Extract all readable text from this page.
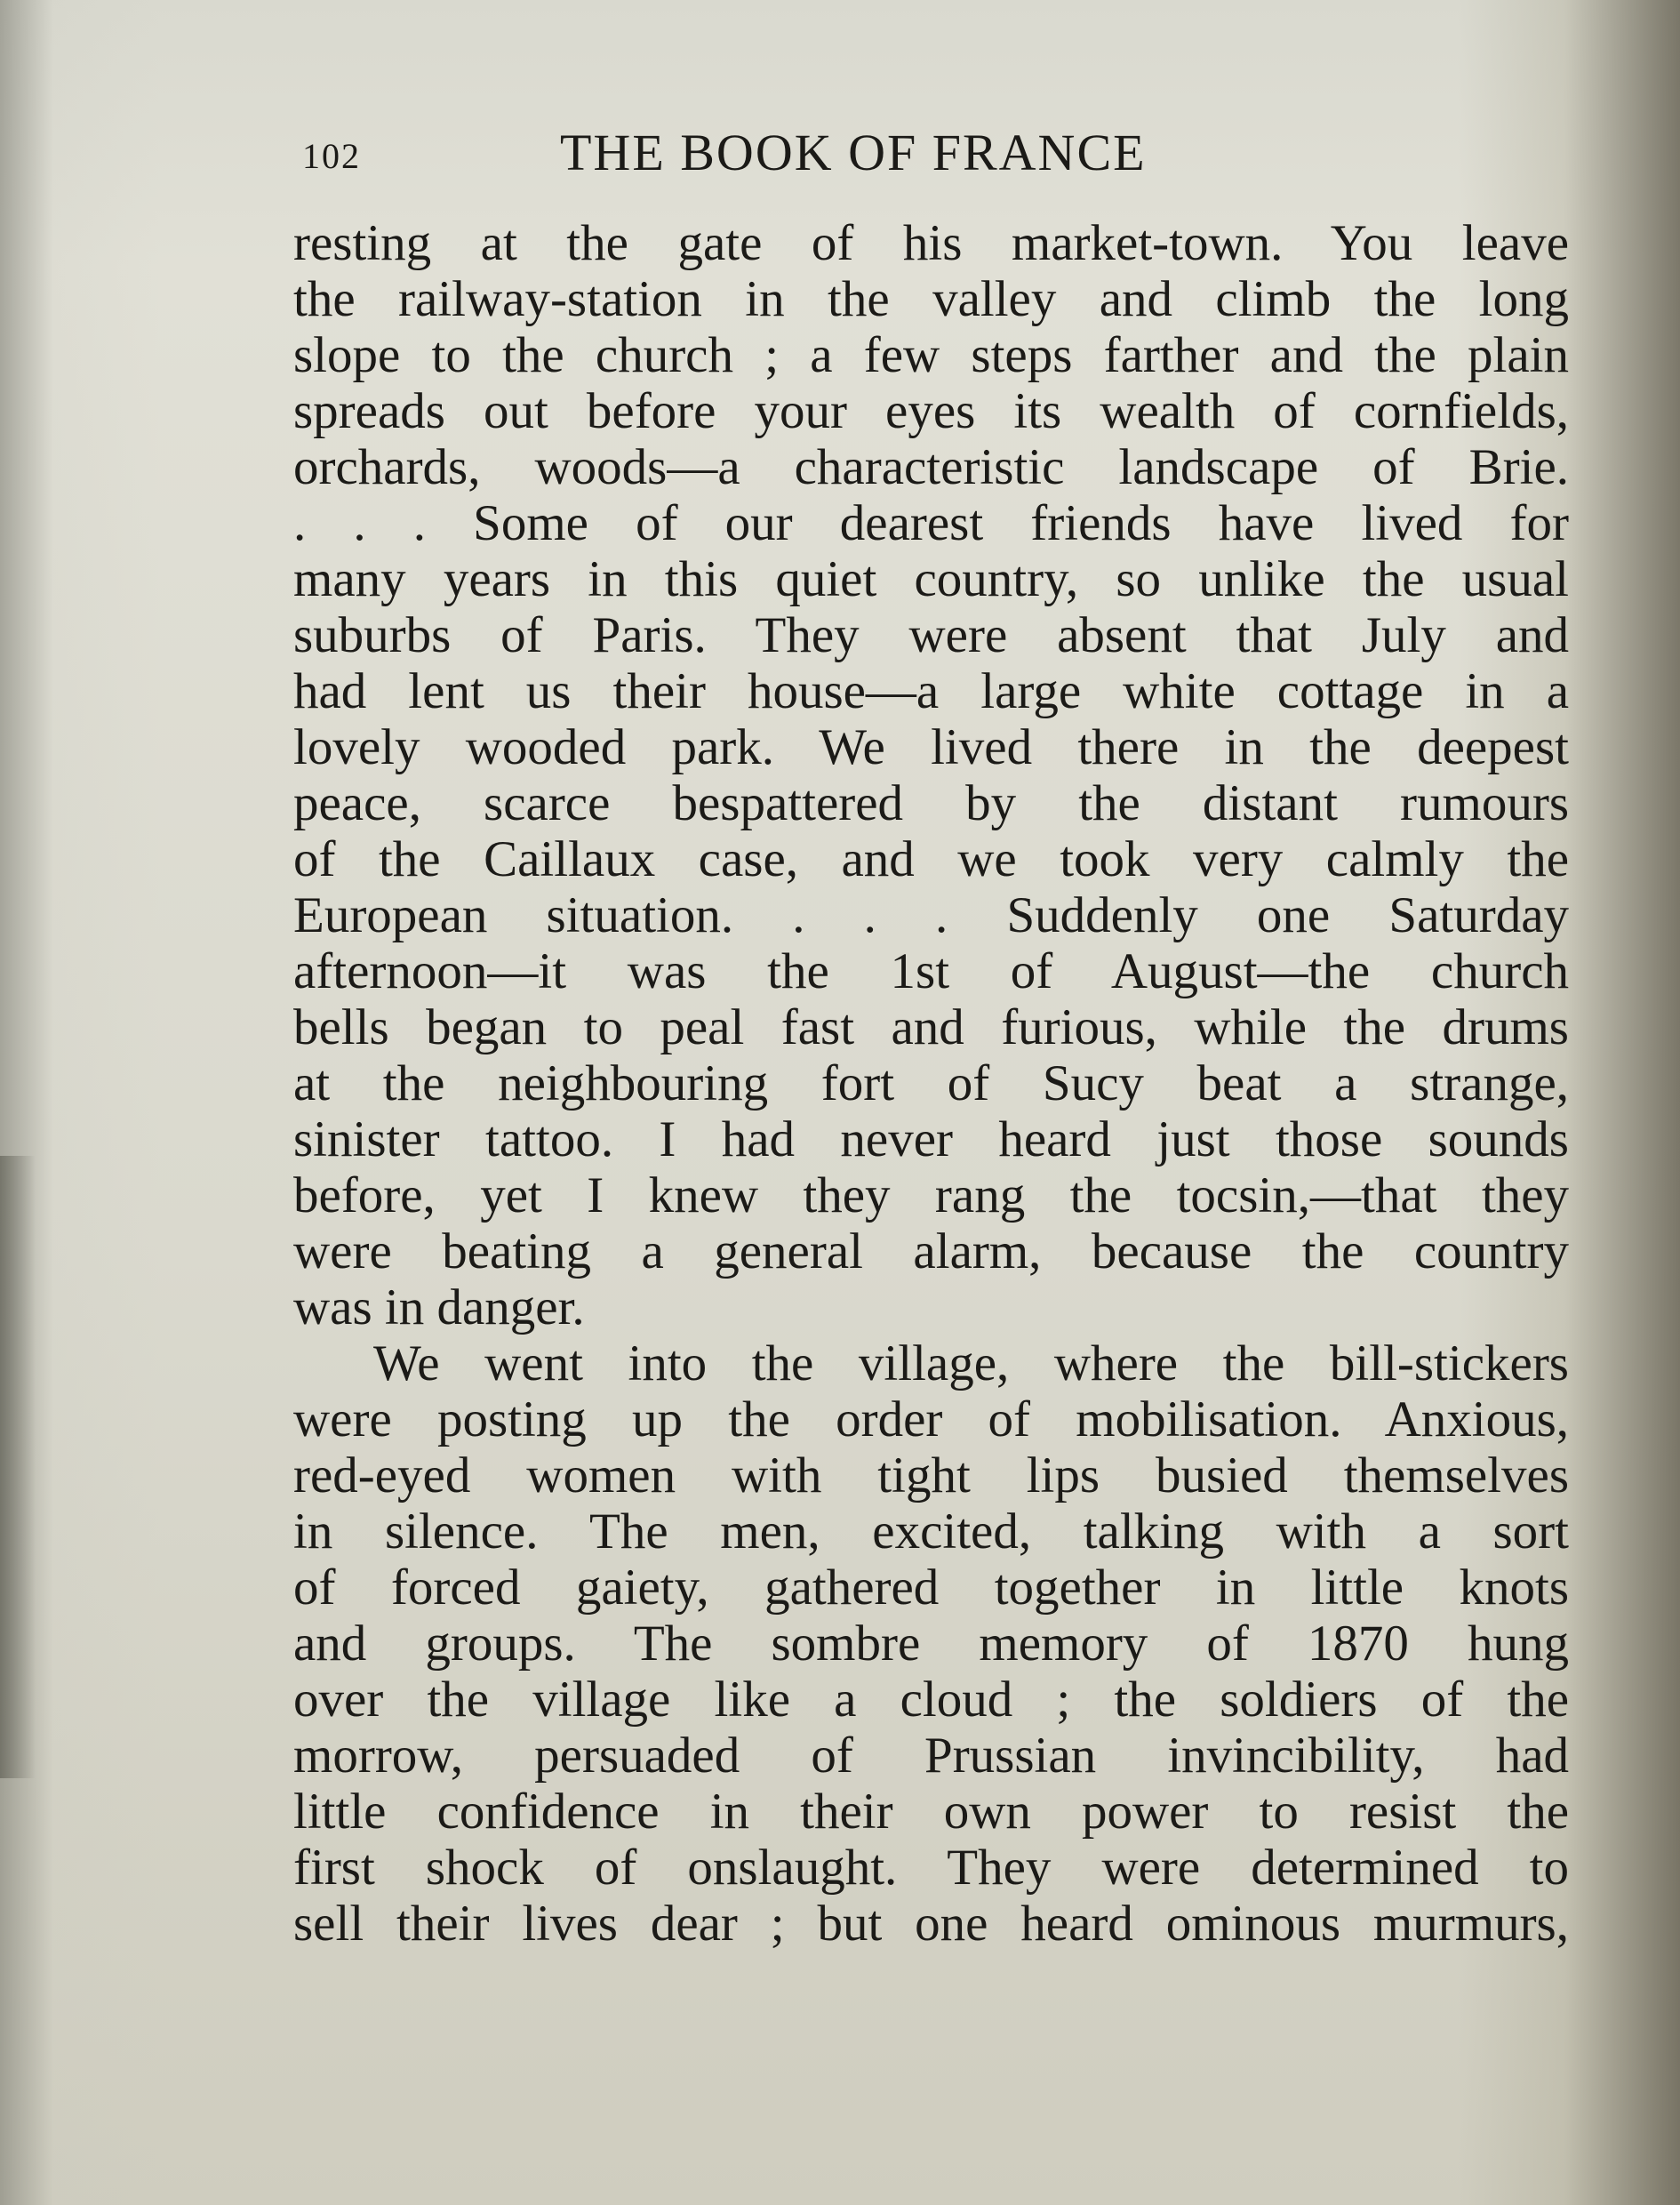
102	THE BOOK OF FRANCE
resting at the gate of his market-town. You leave
the railway-station in the valley and climb the long
slope to the church ; a few steps farther and the plain
spreads out before your eyes its wealth of cornfields,
orchards, woods—a characteristic landscape of Brie.
. . . Some of our dearest friends have lived for
many years in this quiet country, so unlike the usual
suburbs of Paris. They were absent that July and
had lent us their house—a large white cottage in a
lovely wooded park. We lived there in the deepest
peace, scarce bespattered by the distant rumours
of the Caillaux case, and we took very calmly the
European situation. . . . Suddenly one Saturday
afternoon—it was the 1st of August—the church
bells began to peal fast and furious, while the drums
at the neighbouring fort of Sucy beat a strange,
sinister tattoo. I had never heard just those sounds
before, yet I knew they rang the tocsin,—that they
were beating a general alarm, because the country
was in danger.
We went into the village, where the bill-stickers
were posting up the order of mobilisation. Anxious,
red-eyed women with tight lips busied themselves
in silence. The men, excited, talking with a sort
of forced gaiety, gathered together in little knots
and groups. The sombre memory of 1870 hung
over the village like a cloud ; the soldiers of the
morrow, persuaded of Prussian invincibility, had
little confidence in their own power to resist the
first shock of onslaught. They were determined to
sell their lives dear ; but one heard ominous murmurs,
